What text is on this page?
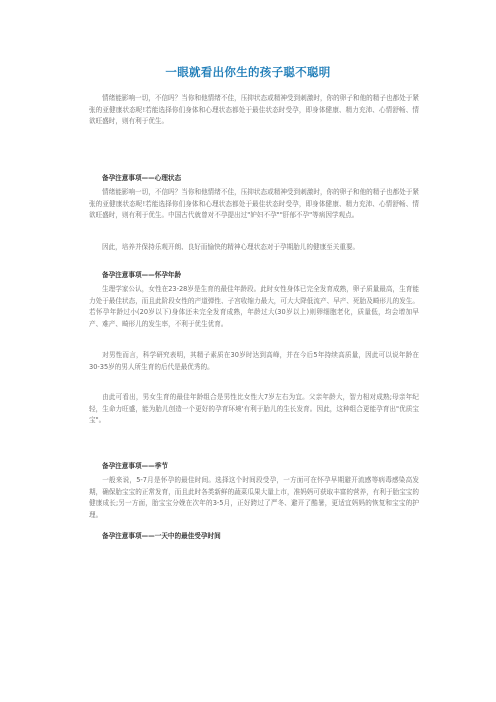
一眼就看出你生的孩子聪不聪明

情绪能影响一切，不信吗？当你和他情绪不佳，压抑状态或精神受到刺激时，你的卵子和他的精子也都处于紧张的亚健康状态呢!若能选择你们身体和心理状态都处于最佳状态时受孕，即身体健康、精力充沛、心情舒畅、情欲旺盛时，则有利于优生。

备孕注意事项——心理状态

情绪能影响一切，不信吗？当你和他情绪不佳，压抑状态或精神受到刺激时，你的卵子和他的精子也都处于紧张的亚健康状态呢!若能选择你们身体和心理状态都处于最佳状态时受孕，即身体健康、精力充沛、心情舒畅、情欲旺盛时，则有利于优生。中国古代就曾对不孕提出过"妒妇不孕""肝郁不孕"等病因学观点。

因此，培养并保持乐观开朗、良好而愉快的精神心理状态对于孕期胎儿的健康至关重要。

备孕注意事项——怀孕年龄

生理学家公认，女性在23-28岁是生育的最佳年龄段。此时女性身体已完全发育成熟，卵子质量最高，生育能力处于最佳状态，而且此阶段女性的产道弹性、子宫收缩力最大，可大大降低流产、早产、死胎及畸形儿的发生。若怀孕年龄过小(20岁以下)身体还未完全发育成熟，年龄过大(30岁以上)则卵细胞老化，质量低，均会增加早产、难产、畸形儿的发生率，不利于优生优育。

对男性而言，科学研究表明，其精子素质在30岁时达到高峰，并在今后5年持续高质量，因此可以说年龄在30-35岁的男人所生育的后代是最优秀的。

由此可看出，男女生育的最佳年龄组合是男性比女性大7岁左右为宜。父亲年龄大，智力相对成熟;母亲年纪轻，生命力旺盛，能为胎儿创造一个更好的孕育环境'有利于胎儿的生长发育。因此，这种组合更能孕育出"优质宝宝"。

备孕注意事项——季节

一般来说，5-7月是怀孕的最佳时间。选择这个时间段受孕，一方面可在怀孕早期避开流感等病毒感染高发期，确保胎宝宝的正常发育，而且此时各类新鲜的蔬菜瓜果大量上市，准妈妈可获取丰富的营养，有利于胎宝宝的健康成长;另一方面，胎宝宝分娩在次年的3-5月，正好跨过了严冬、避开了酷暑，更适宜妈妈的恢复和宝宝的护理。

备孕注意事项——一天中的最佳受孕时间
